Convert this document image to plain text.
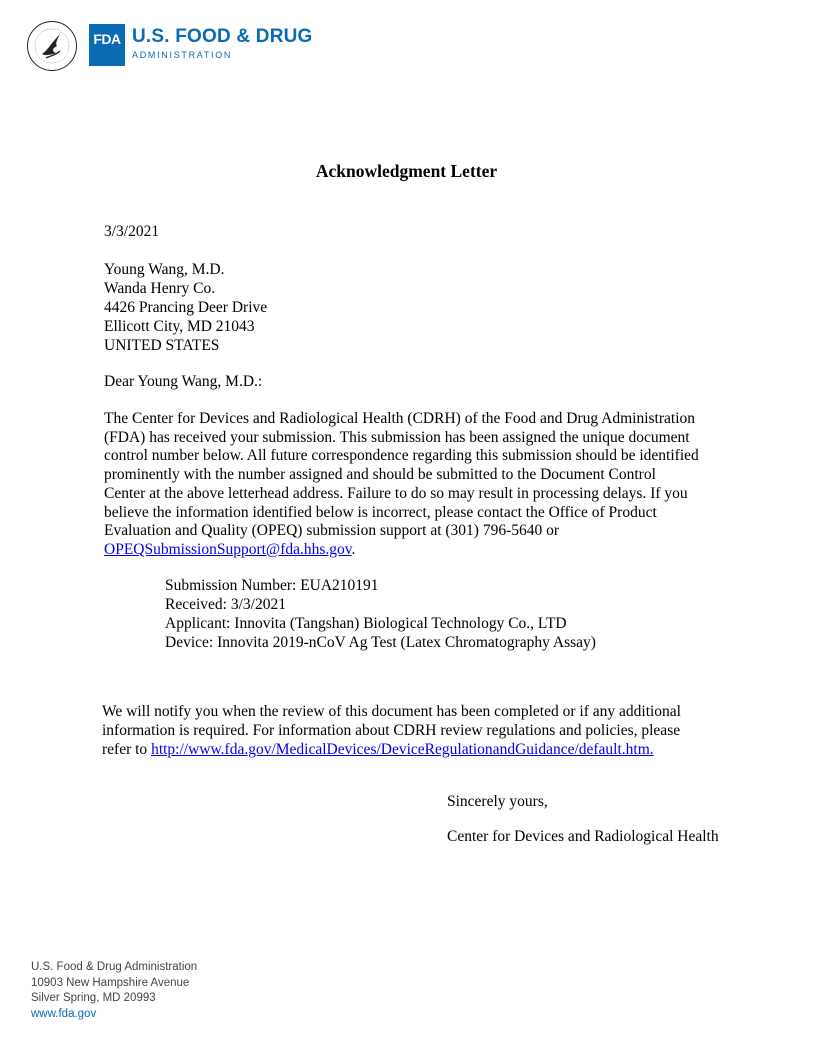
FDA U.S. FOOD & DRUG
ADMINISTRATION
Acknowledgment Letter
3/3/2021
Young Wang, M.D.
Wanda Henry Co.
4426 Prancing Deer Drive
Ellicott City, MD 21043
UNITED STATES
Dear Young Wang, M.D.:
The Center for Devices and Radiological Health (CDRH) of the Food and Drug Administration
(FDA) has received your submission. This submission has been assigned the unique document
control number below. All future correspondence regarding this submission should be identified
prominently with the number assigned and should be submitted to the Document Control
Center at the above letterhead address. Failure to do so may result in processing delays. If you
believe the information identified below is incorrect, please contact the Office of Product
Evaluation and Quality (OPEQ) submission support at (301) 796-5640 or
OPEQSubmissionSupport@fda.hhs.gov.
Submission Number: EUA210191
Received: 3/3/2021
Applicant: Innovita (Tangshan) Biological Technology Co., LTD
Device: Innovita 2019-nCoV Ag Test (Latex Chromatography Assay)
We will notify you when the review of this document has been completed or if any additional
information is required. For information about CDRH review regulations and policies, please
refer to http://www.fda.gov/MedicalDevices/DeviceRegulationandGuidance/default.htm.
Sincerely yours,
Center for Devices and Radiological Health
U.S. Food & Drug Administration
10903 New Hampshire Avenue
Silver Spring, MD 20993
www.fda.gov
